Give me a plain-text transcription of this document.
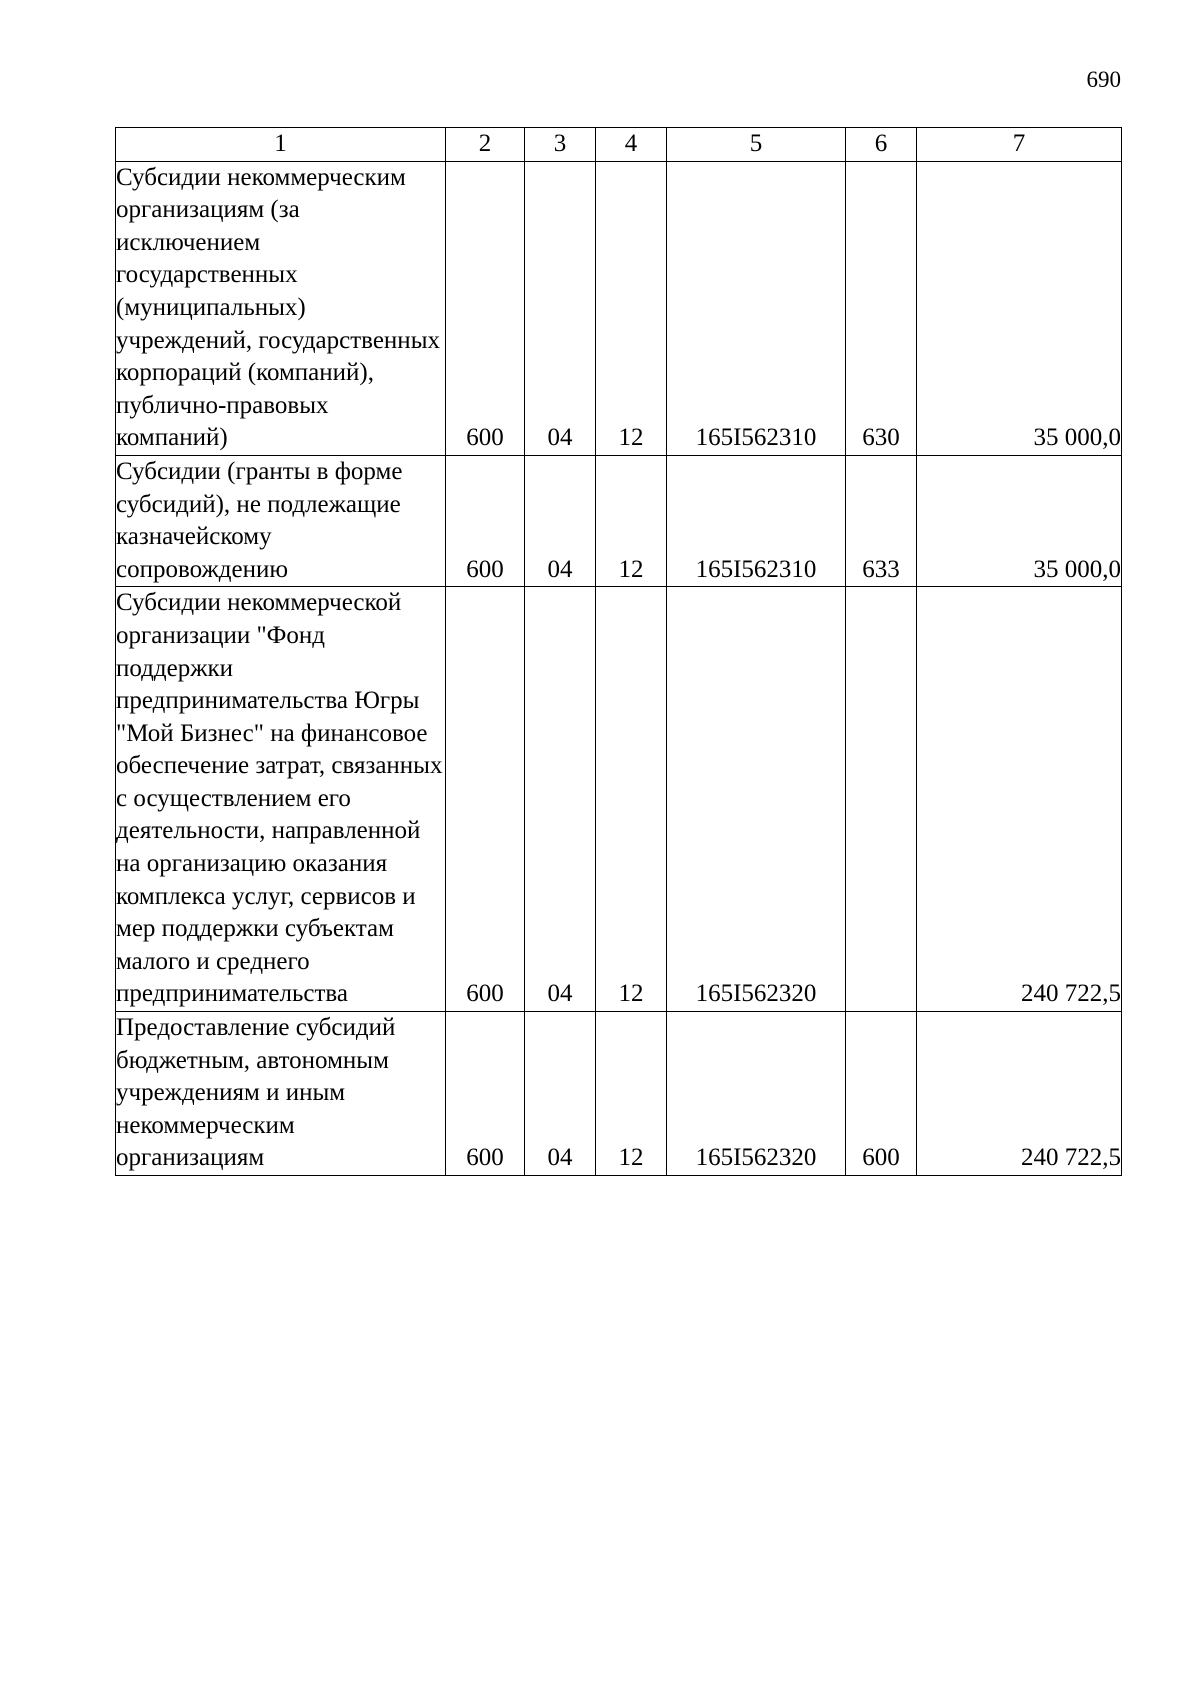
690
1	2	3	4	5	6	7
Субсидии некоммерческим организациям (за исключением государственных (муниципальных) учреждений, государственных корпораций (компаний), публично-правовых компаний)	600	04	12	165I562310	630	35 000,0
Субсидии (гранты в форме субсидий), не подлежащие казначейскому сопровождению	600	04	12	165I562310	633	35 000,0
Субсидии некоммерческой организации "Фонд поддержки предпринимательства Югры "Мой Бизнес" на финансовое обеспечение затрат, связанных с осуществлением его деятельности, направленной на организацию оказания комплекса услуг, сервисов и мер поддержки субъектам малого и среднего предпринимательства	600	04	12	165I562320		240 722,5
Предоставление субсидий бюджетным, автономным учреждениям и иным некоммерческим организациям	600	04	12	165I562320	600	240 722,5
